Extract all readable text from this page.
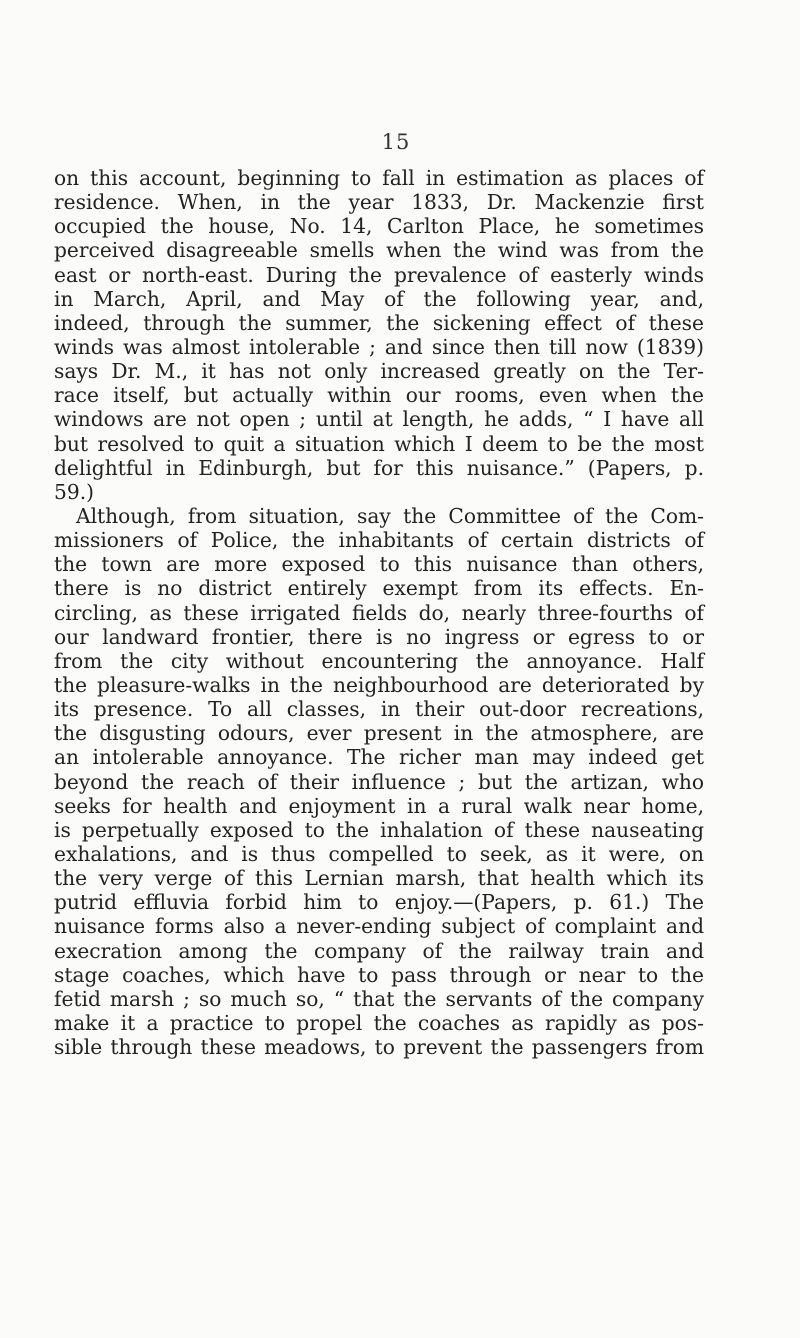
15
on this account, beginning to fall in estimation as places of
residence. When, in the year 1833, Dr. Mackenzie first
occupied the house, No. 14, Carlton Place, he sometimes
perceived disagreeable smells when the wind was from the
east or north-east. During the prevalence of easterly winds
in March, April, and May of the following year, and,
indeed, through the summer, the sickening effect of these
winds was almost intolerable ; and since then till now (1839)
says Dr. M., it has not only increased greatly on the Ter-
race itself, but actually within our rooms, even when the
windows are not open ; until at length, he adds, “ I have all
but resolved to quit a situation which I deem to be the most
delightful in Edinburgh, but for this nuisance.” (Papers, p.
59.)
Although, from situation, say the Committee of the Com-
missioners of Police, the inhabitants of certain districts of
the town are more exposed to this nuisance than others,
there is no district entirely exempt from its effects. En-
circling, as these irrigated fields do, nearly three-fourths of
our landward frontier, there is no ingress or egress to or
from the city without encountering the annoyance. Half
the pleasure-walks in the neighbourhood are deteriorated by
its presence. To all classes, in their out-door recreations,
the disgusting odours, ever present in the atmosphere, are
an intolerable annoyance. The richer man may indeed get
beyond the reach of their influence ; but the artizan, who
seeks for health and enjoyment in a rural walk near home,
is perpetually exposed to the inhalation of these nauseating
exhalations, and is thus compelled to seek, as it were, on
the very verge of this Lernian marsh, that health which its
putrid effluvia forbid him to enjoy.—(Papers, p. 61.) The
nuisance forms also a never-ending subject of complaint and
execration among the company of the railway train and
stage coaches, which have to pass through or near to the
fetid marsh ; so much so, “ that the servants of the company
make it a practice to propel the coaches as rapidly as pos-
sible through these meadows, to prevent the passengers from
